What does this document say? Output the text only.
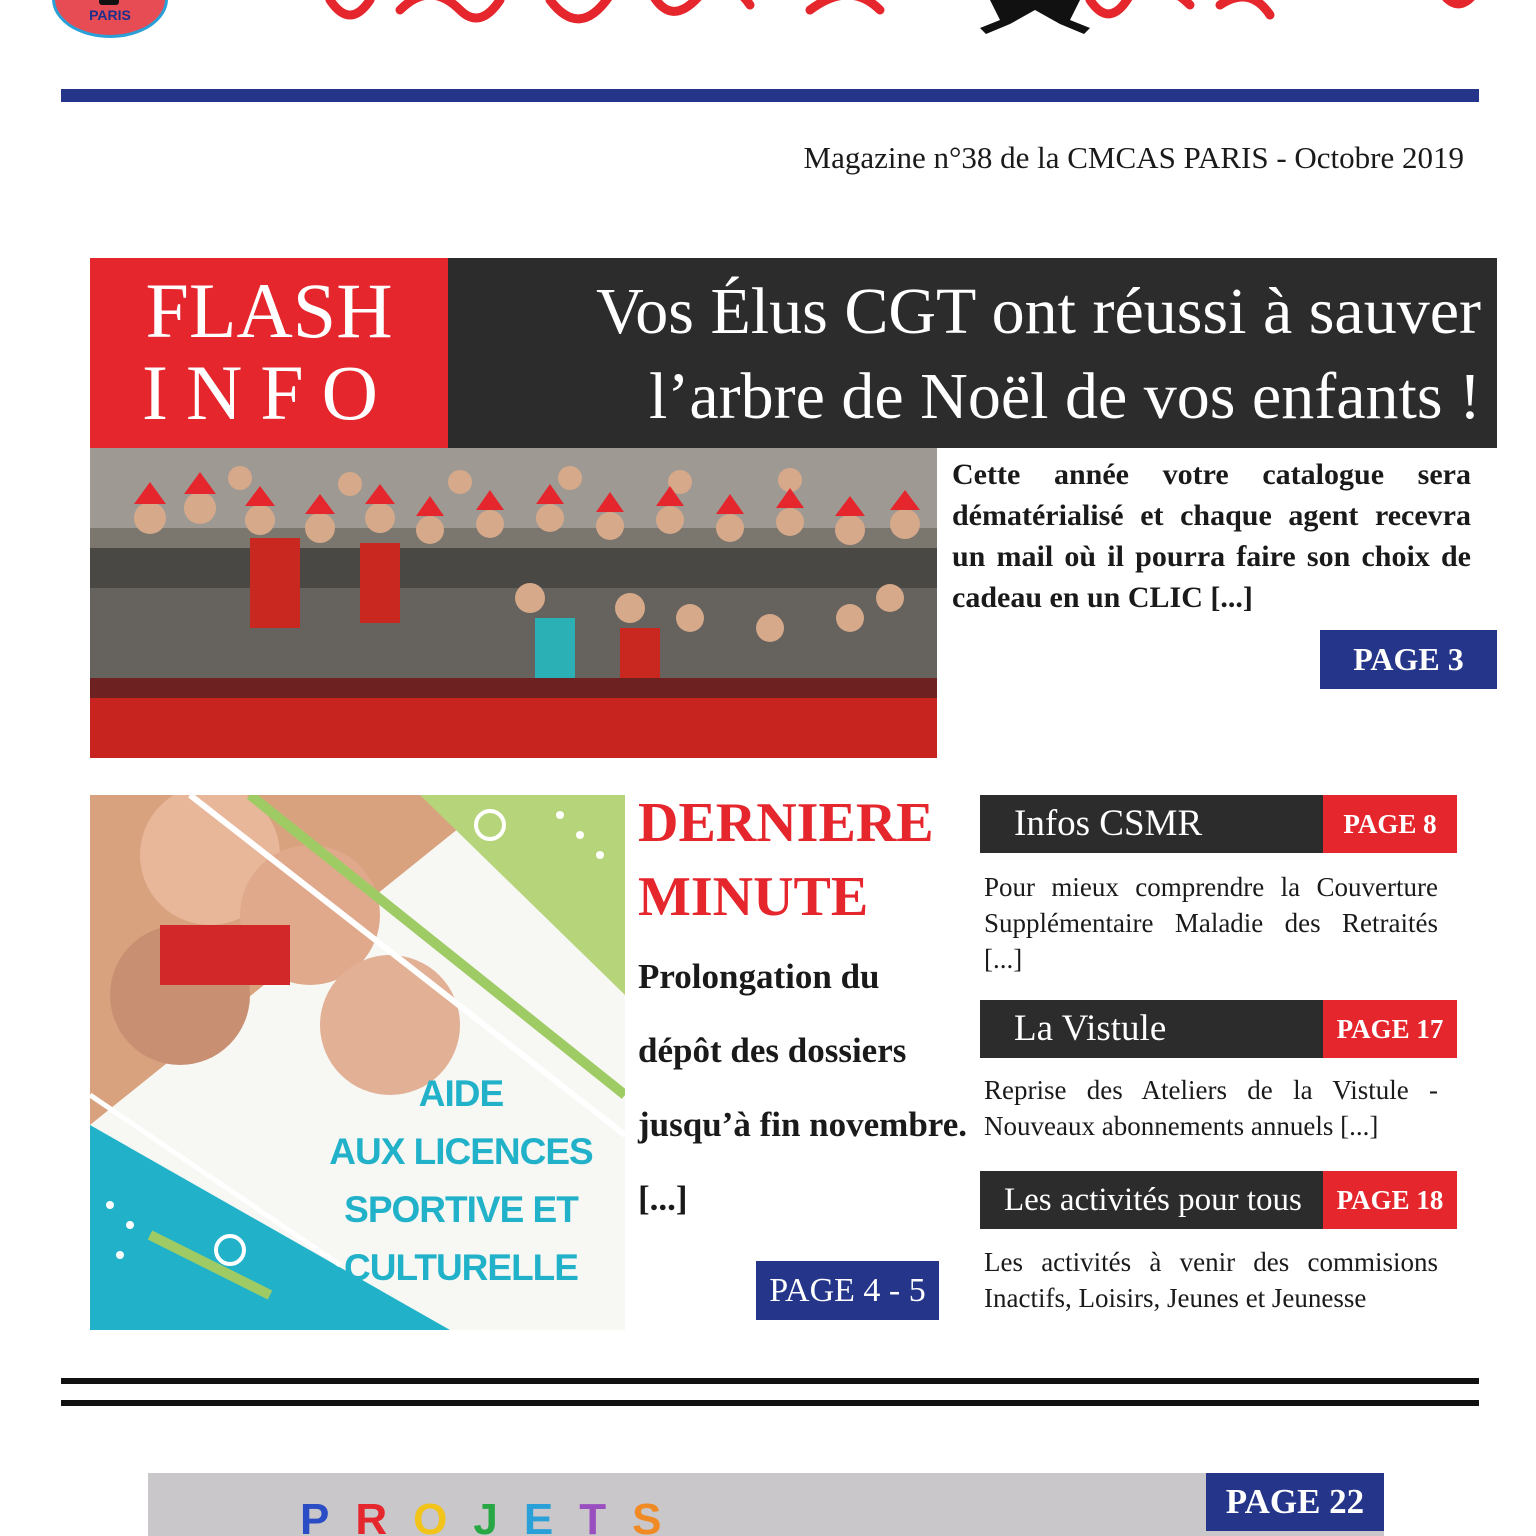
PARIS
Magazine n°38 de la CMCAS PARIS - Octobre 2019
FLASH
INFO
Vos Élus CGT ont réussi à sauver
l’arbre de Noël de vos enfants !
Cette année votre catalogue sera dématérialisé et chaque agent recevra un mail où il pourra faire son choix de cadeau en un CLIC [...]
PAGE 3
AIDE
AUX LICENCES
SPORTIVE ET
CULTURELLE
DERNIERE
MINUTE
Prolongation du dépôt des dossiers jusqu’à fin novembre. [...]
PAGE 4 - 5
Infos CSMR	PAGE 8
Pour mieux comprendre la Couverture Supplémentaire Maladie des Retraités [...]
La Vistule	PAGE 17
Reprise des Ateliers de la Vistule - Nouveaux abonnements annuels [...]
Les activités pour tous	PAGE 18
Les activités à venir des commisions Inactifs, Loisirs, Jeunes et Jeunesse
PROJETS	PAGE 22
